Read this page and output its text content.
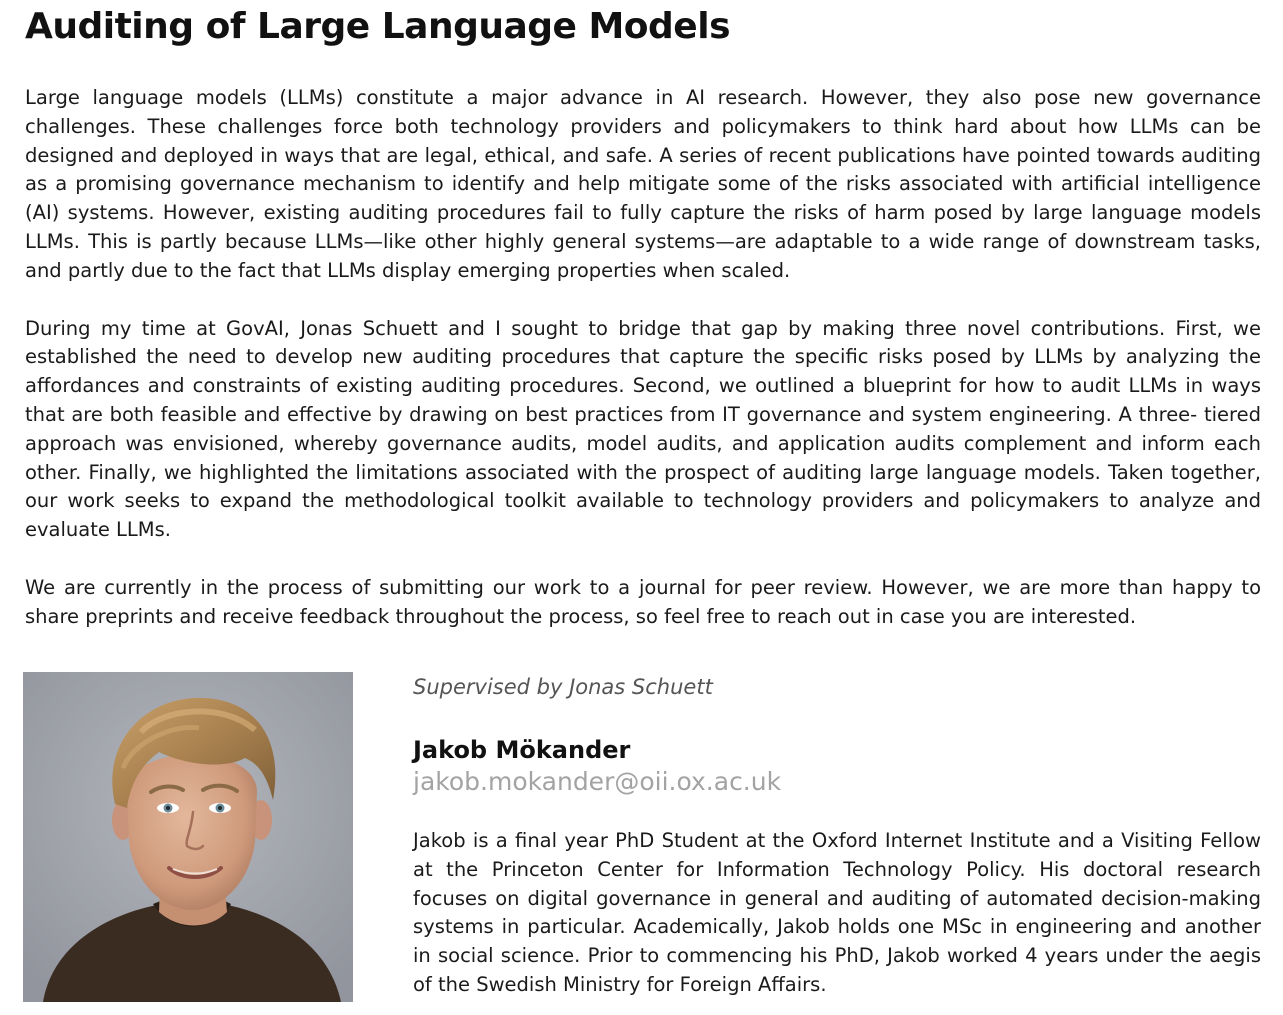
Auditing of Large Language Models

Large language models (LLMs) constitute a major advance in AI research. However, they also pose new governance challenges. These challenges force both technology providers and policymakers to think hard about how LLMs can be designed and deployed in ways that are legal, ethical, and safe. A series of recent publications have pointed towards auditing as a promising governance mechanism to identify and help mitigate some of the risks associated with artificial intelligence (AI) systems. However, existing auditing procedures fail to fully capture the risks of harm posed by large language models LLMs. This is partly because LLMs—like other highly general systems—are adaptable to a wide range of downstream tasks, and partly due to the fact that LLMs display emerging properties when scaled.

During my time at GovAI, Jonas Schuett and I sought to bridge that gap by making three novel contributions. First, we established the need to develop new auditing procedures that capture the specific risks posed by LLMs by analyzing the affordances and constraints of existing auditing procedures. Second, we outlined a blueprint for how to audit LLMs in ways that are both feasible and effective by drawing on best practices from IT governance and system engineering. A three- tiered approach was envisioned, whereby governance audits, model audits, and application audits complement and inform each other. Finally, we highlighted the limitations associated with the prospect of auditing large language models. Taken together, our work seeks to expand the methodological toolkit available to technology providers and policymakers to analyze and evaluate LLMs.

We are currently in the process of submitting our work to a journal for peer review. However, we are more than happy to share preprints and receive feedback throughout the process, so feel free to reach out in case you are interested.

Supervised by Jonas Schuett

Jakob Mökander

jakob.mokander@oii.ox.ac.uk

Jakob is a final year PhD Student at the Oxford Internet Institute and a Visiting Fellow at the Princeton Center for Information Technology Policy. His doctoral research focuses on digital governance in general and auditing of automated decision-making systems in particular. Academically, Jakob holds one MSc in engineering and another in social science. Prior to commencing his PhD, Jakob worked 4 years under the aegis of the Swedish Ministry for Foreign Affairs.
